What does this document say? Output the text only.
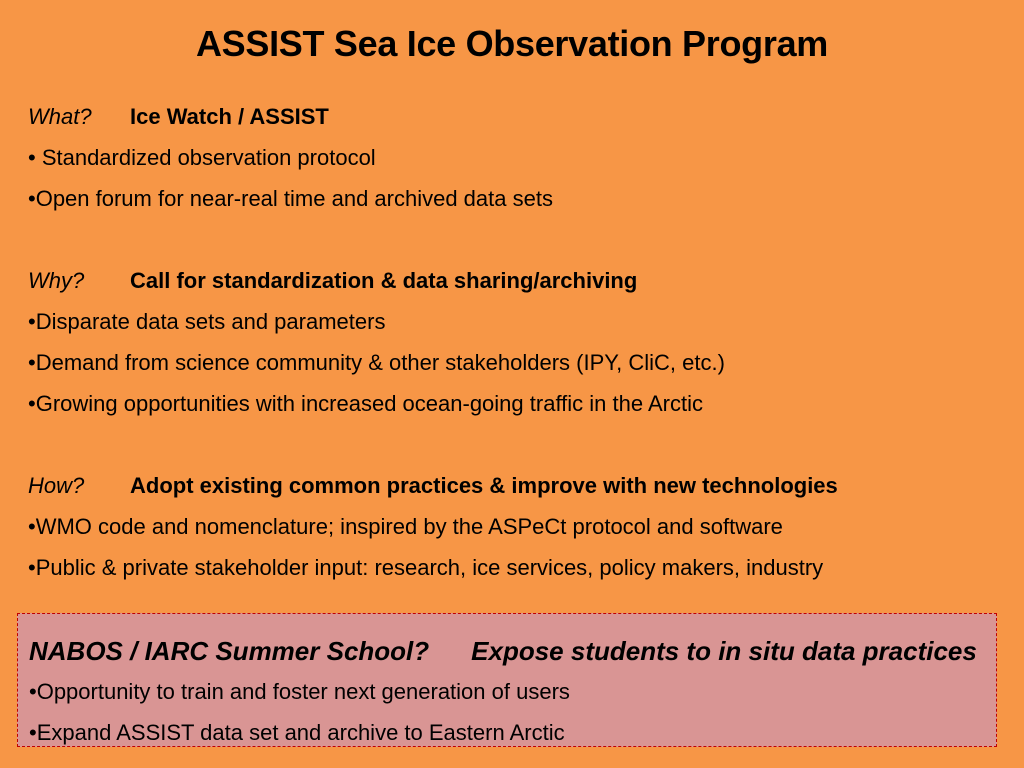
ASSIST Sea Ice Observation Program
What? Ice Watch / ASSIST
• Standardized observation protocol
•Open forum for near-real time and archived data sets
Why? Call for standardization & data sharing/archiving
•Disparate data sets and parameters
•Demand from science community & other stakeholders (IPY, CliC, etc.)
•Growing opportunities with increased ocean-going traffic in the Arctic
How? Adopt existing common practices & improve with new technologies
•WMO code and nomenclature; inspired by the ASPeCt protocol and software
•Public & private stakeholder input: research, ice services, policy makers, industry
NABOS / IARC Summer School? Expose students to in situ data practices
•Opportunity to train and foster next generation of users
•Expand ASSIST data set and archive to Eastern Arctic
